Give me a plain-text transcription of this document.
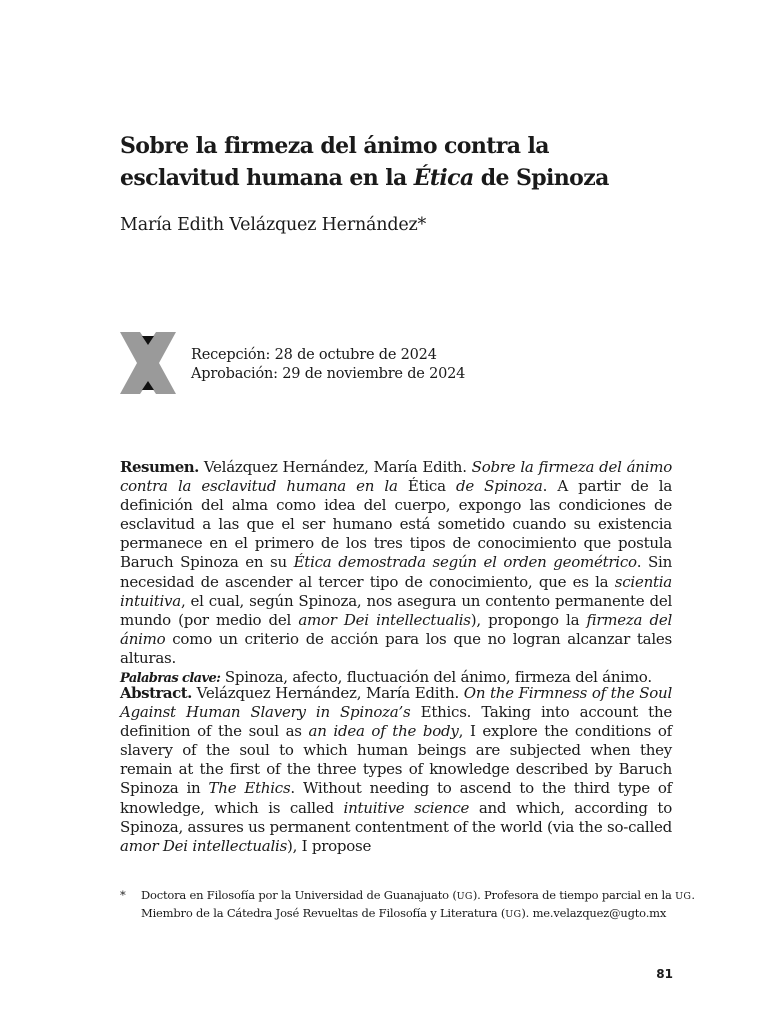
Sobre la firmeza del ánimo contra la
esclavitud humana en la Ética de Spinoza
María Edith Velázquez Hernández*
Recepción: 28 de octubre de 2024
Aprobación: 29 de noviembre de 2024
Resumen. Velázquez Hernández, María Edith. Sobre la firmeza del ánimo contra la esclavitud humana en la Ética de Spinoza. A partir de la definición del alma como idea del cuerpo, expongo las condiciones de esclavitud a las que el ser humano está sometido cuando su existencia permanece en el primero de los tres tipos de conocimiento que postula Baruch Spinoza en su Ética demostrada según el orden geométrico. Sin necesidad de ascender al tercer tipo de conocimiento, que es la scientia intuitiva, el cual, según Spinoza, nos asegura un contento permanente del mundo (por medio del amor Dei intellectualis), propongo la firmeza del ánimo como un criterio de acción para los que no logran alcanzar tales alturas.
Palabras clave: Spinoza, afecto, fluctuación del ánimo, firmeza del ánimo.
Abstract. Velázquez Hernández, María Edith. On the Firmness of the Soul Against Human Slavery in Spinoza’s Ethics. Taking into account the definition of the soul as an idea of the body, I explore the conditions of slavery of the soul to which human beings are subjected when they remain at the first of the three types of knowledge described by Baruch Spinoza in The Ethics. Without needing to ascend to the third type of knowledge, which is called intuitive science and which, according to Spinoza, assures us permanent contentment of the world (via the so-called amor Dei intellectualis), I propose
* Doctora en Filosofía por la Universidad de Guanajuato (UG). Profesora de tiempo parcial en la UG.
Miembro de la Cátedra José Revueltas de Filosofía y Literatura (UG). me.velazquez@ugto.mx
81
